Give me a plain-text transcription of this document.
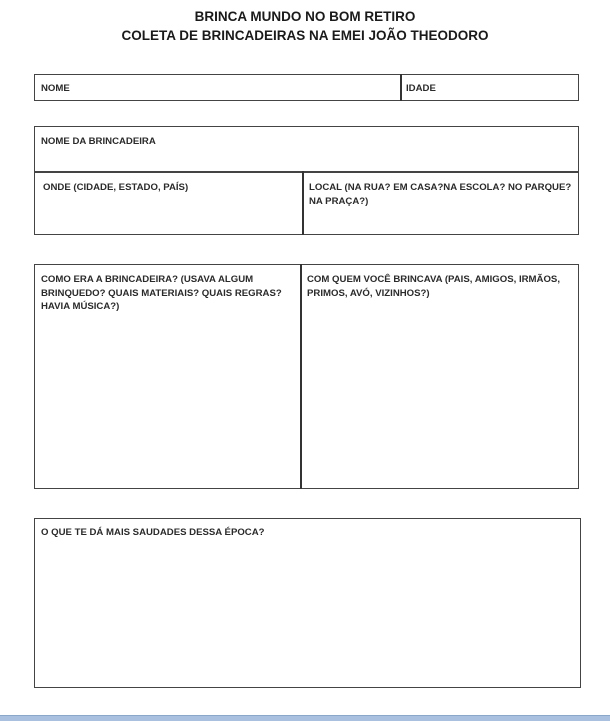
BRINCA MUNDO NO BOM RETIRO
COLETA DE BRINCADEIRAS NA EMEI JOÃO THEODORO
NOME	IDADE
NOME DA BRINCADEIRA
ONDE (CIDADE, ESTADO, PAÍS)	LOCAL (NA RUA? EM CASA?NA ESCOLA? NO PARQUE? NA PRAÇA?)
COMO ERA A BRINCADEIRA? (USAVA ALGUM BRINQUEDO? QUAIS MATERIAIS? QUAIS REGRAS? HAVIA MÚSICA?)
COM QUEM VOCÊ BRINCAVA (PAIS, AMIGOS, IRMÃOS, PRIMOS, AVÓ, VIZINHOS?)
O QUE TE DÁ MAIS SAUDADES DESSA ÉPOCA?
